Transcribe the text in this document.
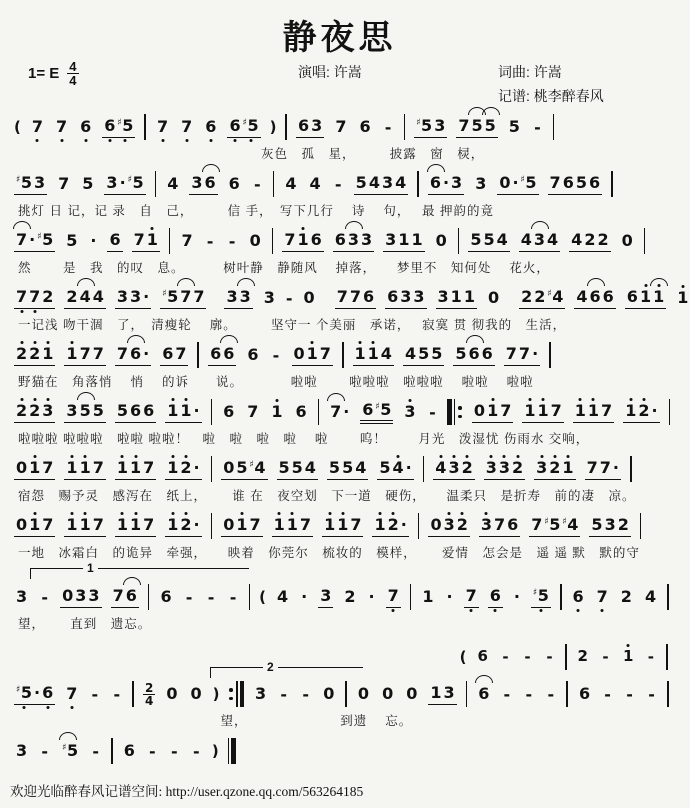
静夜思
1= E 4
4
演唱: 许嵩	词曲: 许嵩
记谱: 桃李醉春风
( 7 7 6 6 ♯5 7 7 6 6 ♯5 ) 6 3 7 6 -	♯5 3 7 5 5 5 -
　　　　　　　　　　　　　　　　　　灰色　孤　星，　　　披露　窗　棂，
♯5 3 7 5 3 · ♯5 4 3 6 6 - 4 4 - 5 4 3 4 6 · 3 3 0 · ♯5 7 6 5 6
挑灯 日 记，记 录　自　己，　　　信 手，　写下几行　 诗　 句，　 最 押韵的竟
7 · ♯5 5 · 6 7 1 7 - - 0 7 1 6 6 3 3 3 1 1 0 5 5 4 4 3 4 4 2 2 0
然　　 是　我　的叹　息。　　　 树叶静　静随风　 掉落，　　梦里不　知何处　 花火，
7 7 2 2 4 4 3 3 · ♯5 7 7 3 3 3 - 0 7 7 6 6 3 3 3 1 1 0 2 2 ♯4 4 6 6 6 1 1 1
一记浅 吻干涸　了，　清瘦轮　 廓。　　　坚守一 个美丽　承诺，　 寂寞 贯 彻我的　生活，
2 2 1 1 7 7 7 6 · 6 7 6 6 6 - 0 1 7 1 1 4 4 5 5 5 6 6 7 7 ·
野猫在　角落悄　 悄　 的诉　　说。　　　　啦啦　　 啦啦啦　啦啦啦　 啦啦　 啦啦
2 2 3 3 5 5 5 6 6 1 1 · 6 7 1 6 7 · 6 ♯5 3 - 0 1 7 1 1 7 1 1 7 1 2 ·
啦啦啦 啦啦啦　啦啦 啦啦！　啦　啦　啦　啦　 啦　　 呜！　　 月光　泼湿忧 伤雨水 交响，
0 1 7 1 1 7 1 1 7 1 2 · 0 5 ♯4 5 5 4 5 5 4 5 4 · 4 3 2 3 3 2 3 2 1 7 7 ·
宿怨　赐予灵　感泻在　纸上，　　 谁 在　夜空划　下一道　硬伤，　　温柔只　是折寿　前的凄　凉。
0 1 7 1 1 7 1 1 7 1 2 · 0 1 7 1 1 7 1 1 7 1 2 · 0 3 2 3 7 6 7 ♯5 ♯4 5 3 2
一地　冰霜白　的诡异　牵强，　　映着　你莞尔　梳妆的　模样，　　 爱情　怎会是　遥 遥 默　默的守
1
3 - 0 3 3 7 6 6 - - - ( 4 · 3 2 · 7 1 · 7 6 · ♯5 6 7 2 4
望，　　 直到　遗忘。
2
( 6 - - - 2 - 1 -
♯5 · 6 7 - - 2
4 0 0 ) 3 - - 0 0 0 0 1 3 6 - - - 6 - - -
　　　　　　　　　　　　　　　望，　　　　　　　 到遗　 忘。
3 -	♯5 - 6 - - - )
欢迎光临醉春风记谱空间: http://user.qzone.qq.com/563264185
